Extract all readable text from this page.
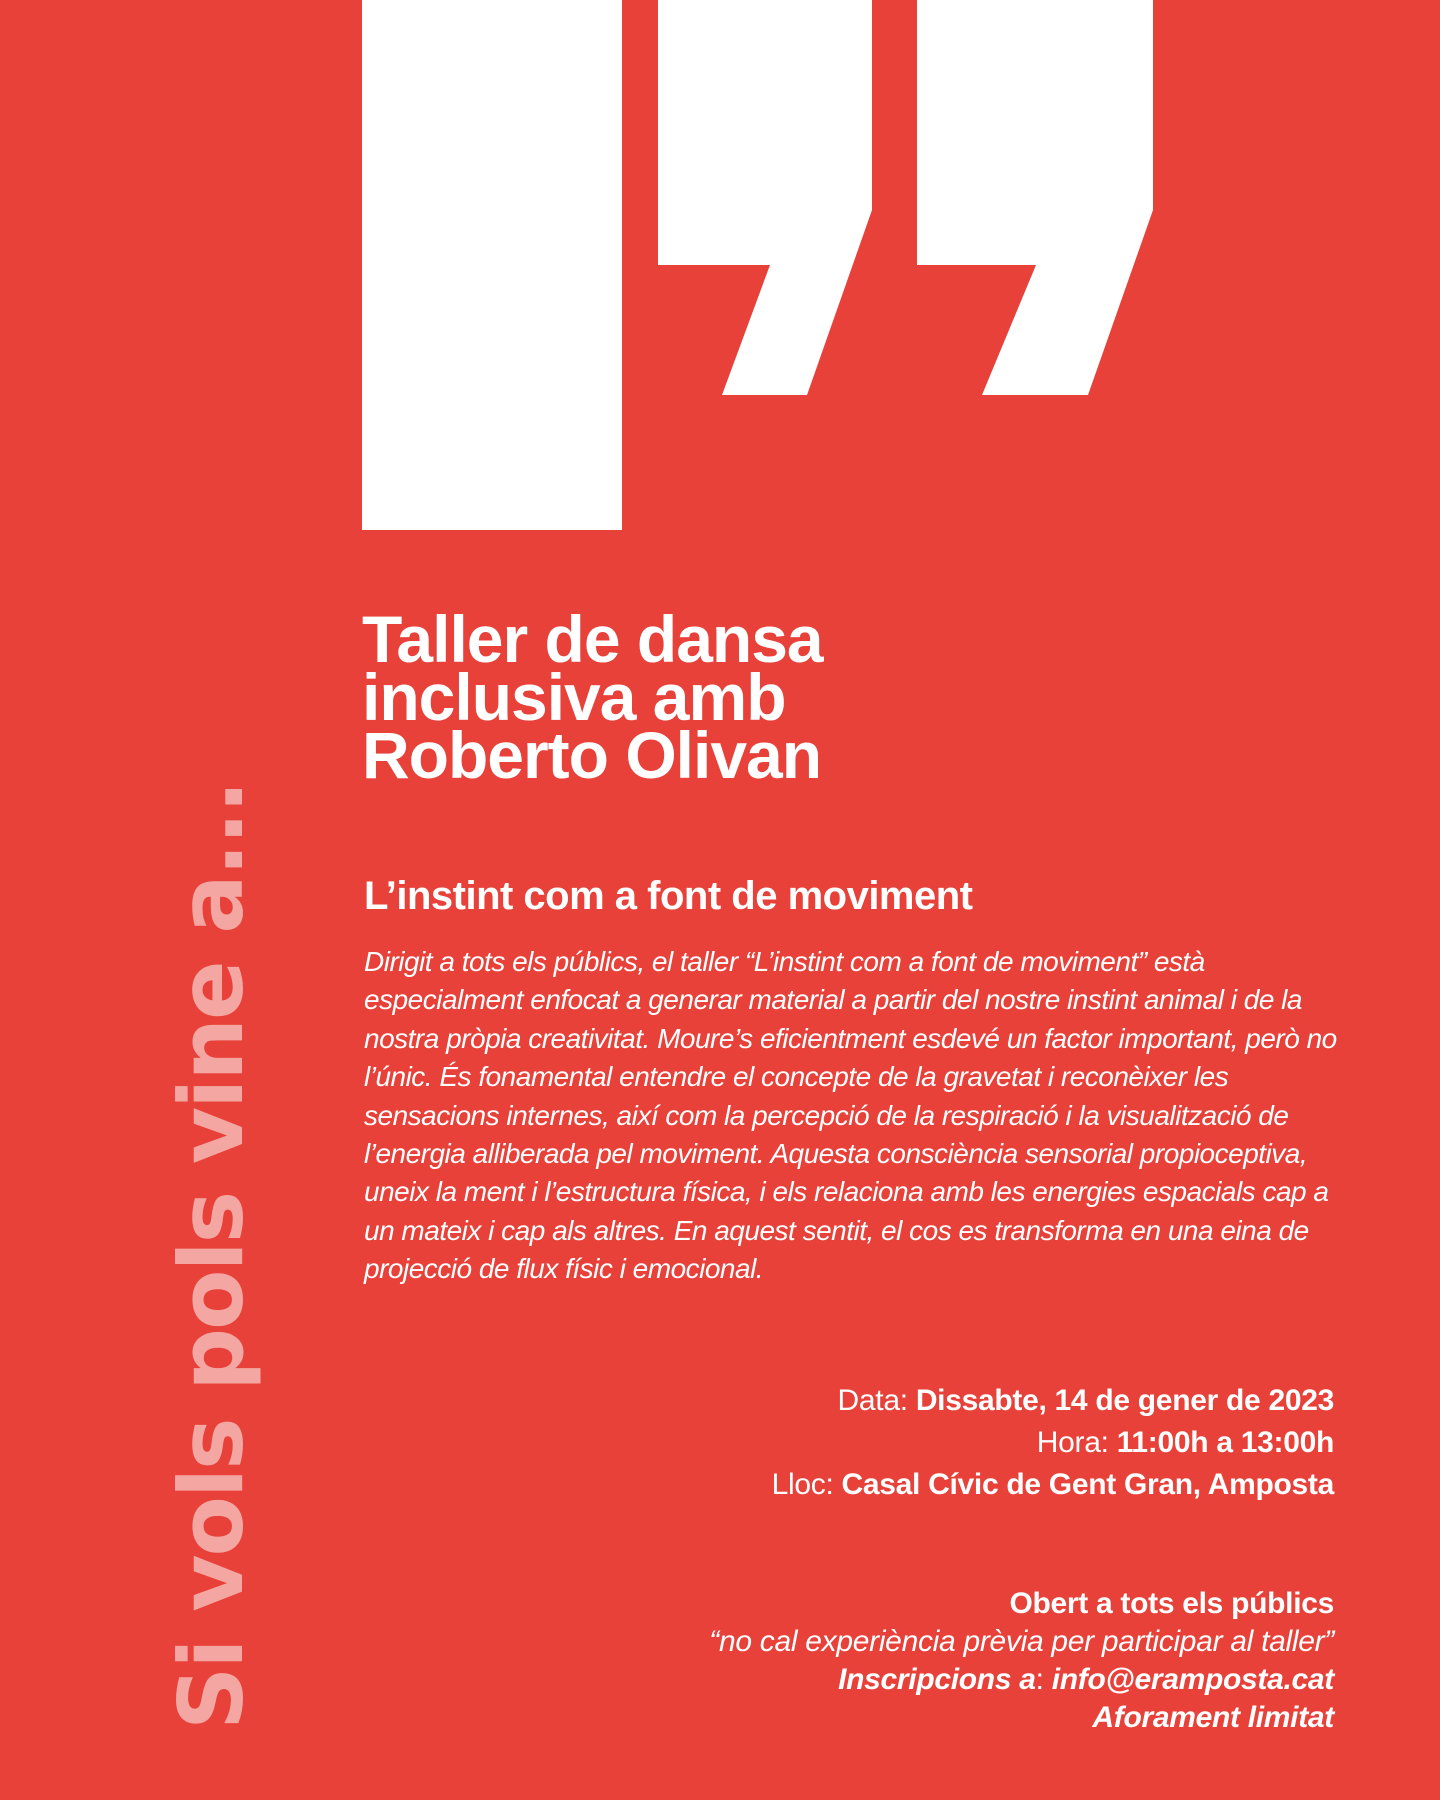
Si vols pols vine a...
Taller de dansa
inclusiva amb
Roberto Olivan
L’instint com a font de moviment

Dirigit a tots els públics, el taller “L’instint com a font de moviment” està especialment enfocat a generar material a partir del nostre instint animal i de la nostra pròpia creativitat. Moure’s eficientment esdevé un factor important, però no l’únic. És fonamental entendre el concepte de la gravetat i reconèixer les sensacions internes, així com la percepció de la respiració i la visualització de l’energia alliberada pel moviment. Aquesta consciència sensorial propioceptiva, uneix la ment i l’estructura física, i els relaciona amb les energies espacials cap a un mateix i cap als altres. En aquest sentit, el cos es transforma en una eina de projecció de flux físic i emocional.

Data: Dissabte, 14 de gener de 2023
Hora: 11:00h a 13:00h
Lloc: Casal Cívic de Gent Gran, Amposta
Obert a tots els públics
“no cal experiència prèvia per participar al taller”
Inscripcions a: info@eramposta.cat
Aforament limitat
